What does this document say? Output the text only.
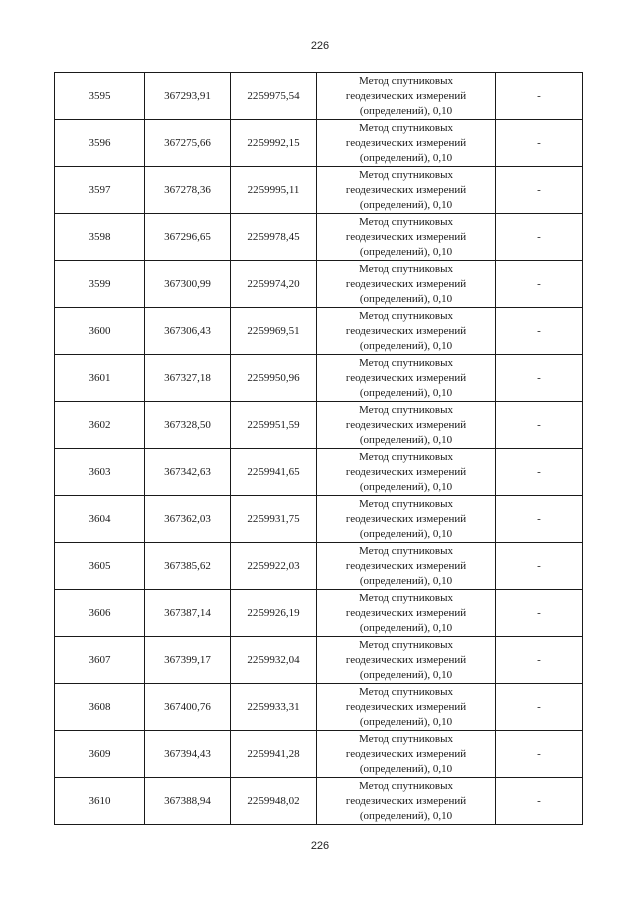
226
3595	367293,91	2259975,54	Метод спутниковых
геодезических измерений
(определений), 0,10	-
3596	367275,66	2259992,15	Метод спутниковых
геодезических измерений
(определений), 0,10	-
3597	367278,36	2259995,11	Метод спутниковых
геодезических измерений
(определений), 0,10	-
3598	367296,65	2259978,45	Метод спутниковых
геодезических измерений
(определений), 0,10	-
3599	367300,99	2259974,20	Метод спутниковых
геодезических измерений
(определений), 0,10	-
3600	367306,43	2259969,51	Метод спутниковых
геодезических измерений
(определений), 0,10	-
3601	367327,18	2259950,96	Метод спутниковых
геодезических измерений
(определений), 0,10	-
3602	367328,50	2259951,59	Метод спутниковых
геодезических измерений
(определений), 0,10	-
3603	367342,63	2259941,65	Метод спутниковых
геодезических измерений
(определений), 0,10	-
3604	367362,03	2259931,75	Метод спутниковых
геодезических измерений
(определений), 0,10	-
3605	367385,62	2259922,03	Метод спутниковых
геодезических измерений
(определений), 0,10	-
3606	367387,14	2259926,19	Метод спутниковых
геодезических измерений
(определений), 0,10	-
3607	367399,17	2259932,04	Метод спутниковых
геодезических измерений
(определений), 0,10	-
3608	367400,76	2259933,31	Метод спутниковых
геодезических измерений
(определений), 0,10	-
3609	367394,43	2259941,28	Метод спутниковых
геодезических измерений
(определений), 0,10	-
3610	367388,94	2259948,02	Метод спутниковых
геодезических измерений
(определений), 0,10	-
226
